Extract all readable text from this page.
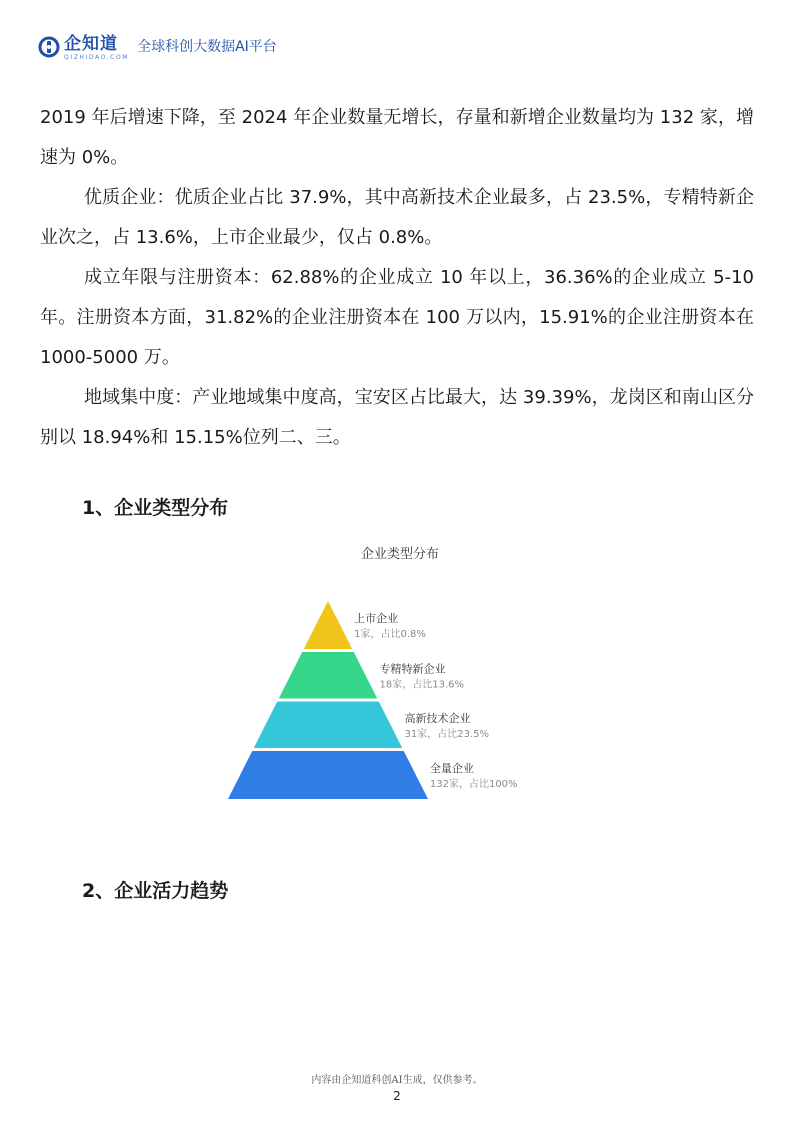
企知道
QIZHIDAO.COM
全球科创大数据AI平台

2019 年后增速下降，至 2024 年企业数量无增长，存量和新增企业数量均为 132 家，增速为 0%。

优质企业：优质企业占比 37.9%，其中高新技术企业最多，占 23.5%，专精特新企业次之，占 13.6%，上市企业最少，仅占 0.8%。

成立年限与注册资本：62.88%的企业成立 10 年以上，36.36%的企业成立 5-10 年。注册资本方面，31.82%的企业注册资本在 100 万以内，15.91%的企业注册资本在 1000-5000 万。

地域集中度：产业地域集中度高，宝安区占比最大，达 39.39%，龙岗区和南山区分别以 18.94%和 15.15%位列二、三。

1、企业类型分布
企业类型分布
上市企业
1家，占比0.8%
专精特新企业
18家，占比13.6%
高新技术企业
31家，占比23.5%
全量企业
132家，占比100%
2、企业活力趋势
内容由企知道科创AI生成，仅供参考。
2
